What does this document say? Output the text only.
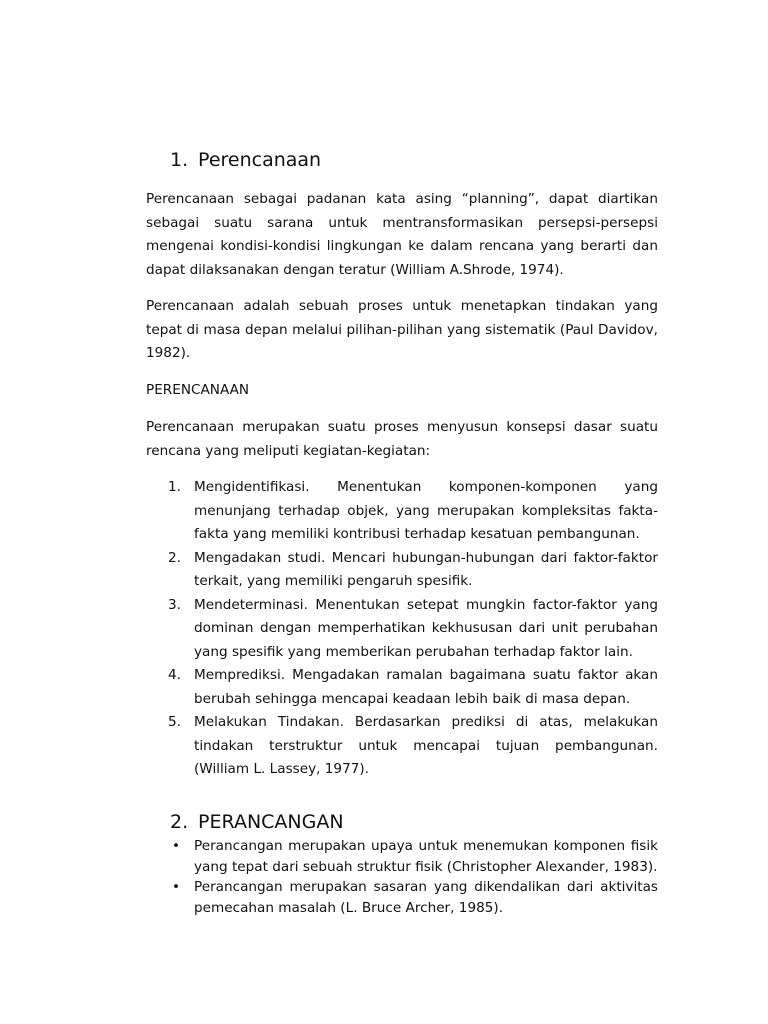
1. Perencanaan

Perencanaan sebagai padanan kata asing “planning”, dapat diartikan sebagai suatu sarana untuk mentransformasikan persepsi-persepsi mengenai kondisi-kondisi lingkungan ke dalam rencana yang berarti dan dapat dilaksanakan dengan teratur (William A.Shrode, 1974).

Perencanaan adalah sebuah proses untuk menetapkan tindakan yang tepat di masa depan melalui pilihan-pilihan yang sistematik (Paul Davidov, 1982).

PERENCANAAN

Perencanaan merupakan suatu proses menyusun konsepsi dasar suatu rencana yang meliputi kegiatan-kegiatan:

1. Mengidentifikasi. Menentukan komponen-komponen yang menunjang terhadap objek, yang merupakan kompleksitas fakta-fakta yang memiliki kontribusi terhadap kesatuan pembangunan.
2. Mengadakan studi. Mencari hubungan-hubungan dari faktor-faktor terkait, yang memiliki pengaruh spesifik.
3. Mendeterminasi. Menentukan setepat mungkin factor-faktor yang dominan dengan memperhatikan kekhususan dari unit perubahan yang spesifik yang memberikan perubahan terhadap faktor lain.
4. Memprediksi. Mengadakan ramalan bagaimana suatu faktor akan berubah sehingga mencapai keadaan lebih baik di masa depan.
5. Melakukan Tindakan. Berdasarkan prediksi di atas, melakukan tindakan terstruktur untuk mencapai tujuan pembangunan. (William L. Lassey, 1977).
2. PERANCANGAN
• Perancangan merupakan upaya untuk menemukan komponen fisik yang tepat dari sebuah struktur fisik (Christopher Alexander, 1983).
• Perancangan merupakan sasaran yang dikendalikan dari aktivitas pemecahan masalah (L. Bruce Archer, 1985).
